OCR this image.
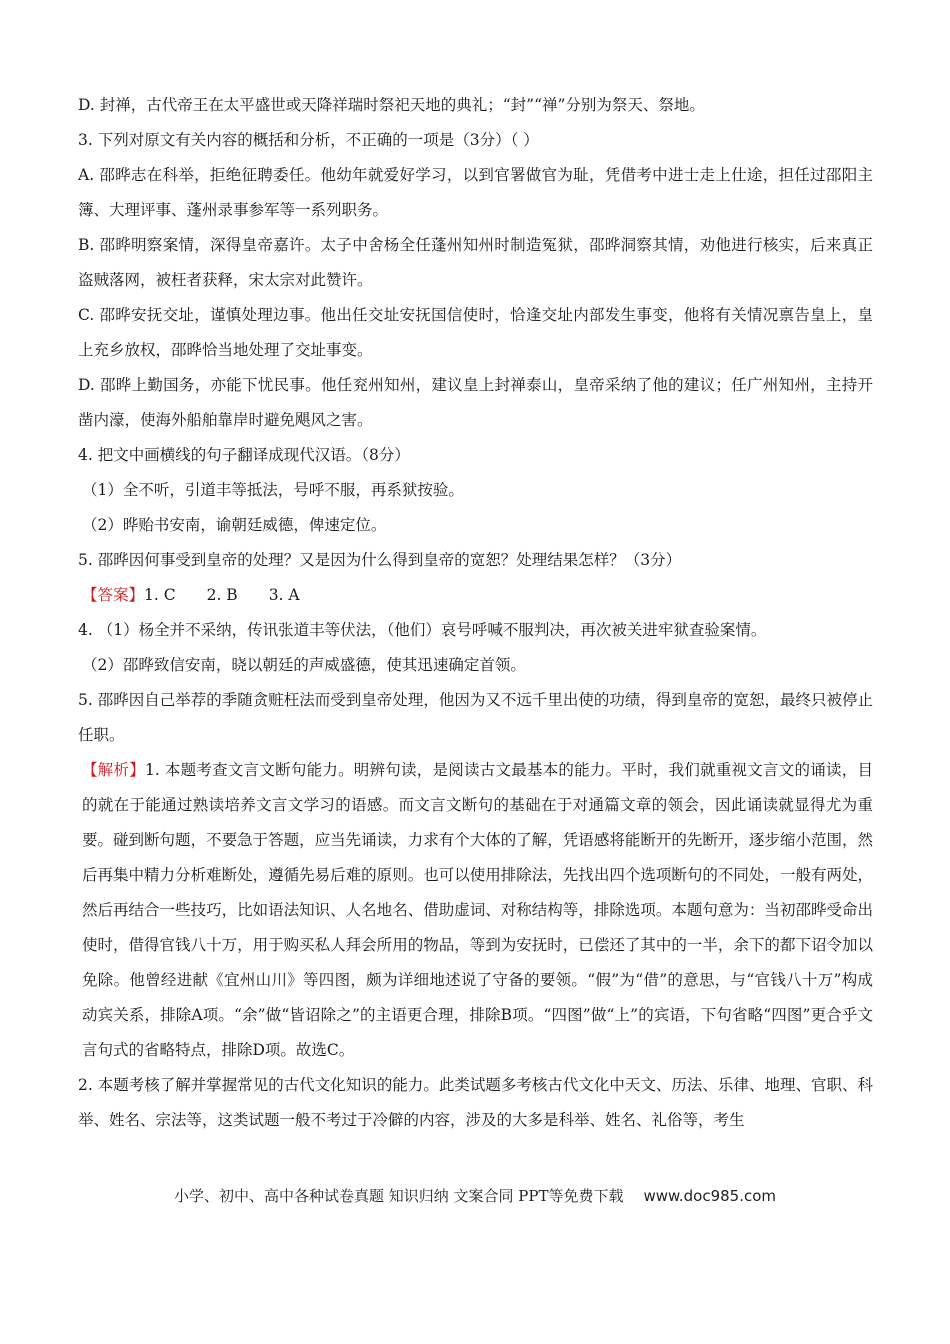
D. 封禅，古代帝王在太平盛世或天降祥瑞时祭祀天地的典礼；“封”“禅”分别为祭天、祭地。

3. 下列对原文有关内容的概括和分析，不正确的一项是（3分）（ ）

A. 邵晔志在科举，拒绝征聘委任。他幼年就爱好学习，以到官署做官为耻，凭借考中进士走上仕途，担任过邵阳主簿、大理评事、蓬州录事参军等一系列职务。

B. 邵晔明察案情，深得皇帝嘉许。太子中舍杨全任蓬州知州时制造冤狱，邵晔洞察其情，劝他进行核实，后来真正盗贼落网，被枉者获释，宋太宗对此赞许。

C. 邵晔安抚交址，谨慎处理边事。他出任交址安抚国信使时，恰逢交址内部发生事变，他将有关情况禀告皇上，皇上充乡放权，邵晔恰当地处理了交址事变。

D. 邵晔上勤国务，亦能下忧民事。他任兖州知州，建议皇上封禅泰山，皇帝采纳了他的建议；任广州知州，主持开凿内濠，使海外船舶靠岸时避免飓风之害。

4. 把文中画横线的句子翻译成现代汉语。（8分）

（1）全不听，引道丰等抵法，号呼不服，再系狱按验。

（2）晔贻书安南，谕朝廷威德，俾速定位。

5. 邵晔因何事受到皇帝的处理？又是因为什么得到皇帝的宽恕？处理结果怎样？（3分）

【答案】1. C　　2. B　　3. A

4. （1）杨全并不采纳，传讯张道丰等伏法，（他们）哀号呼喊不服判决，再次被关进牢狱查验案情。

（2）邵晔致信安南，晓以朝廷的声威盛德，使其迅速确定首领。

5. 邵晔因自己举荐的季随贪赃枉法而受到皇帝处理，他因为又不远千里出使的功绩，得到皇帝的宽恕，最终只被停止任职。

【解析】1. 本题考查文言文断句能力。明辨句读，是阅读古文最基本的能力。平时，我们就重视文言文的诵读，目的就在于能通过熟读培养文言文学习的语感。而文言文断句的基础在于对通篇文章的领会，因此诵读就显得尤为重要。碰到断句题，不要急于答题，应当先诵读，力求有个大体的了解，凭语感将能断开的先断开，逐步缩小范围，然后再集中精力分析难断处，遵循先易后难的原则。也可以使用排除法，先找出四个选项断句的不同处，一般有两处，然后再结合一些技巧，比如语法知识、人名地名、借助虚词、对称结构等，排除选项。本题句意为：当初邵晔受命出使时，借得官钱八十万，用于购买私人拜会所用的物品，等到为安抚时，已偿还了其中的一半，余下的都下诏令加以免除。他曾经进献《宜州山川》等四图，颇为详细地述说了守备的要领。“假”为“借”的意思，与“官钱八十万”构成动宾关系，排除A项。“余”做“皆诏除之”的主语更合理，排除B项。“四图”做“上”的宾语，下句省略“四图”更合乎文言句式的省略特点，排除D项。故选C。

2. 本题考核了解并掌握常见的古代文化知识的能力。此类试题多考核古代文化中天文、历法、乐律、地理、官职、科举、姓名、宗法等，这类试题一般不考过于冷僻的内容，涉及的大多是科举、姓名、礼俗等，考生

小学、初中、高中各种试卷真题 知识归纳 文案合同 PPT等免费下载 www.doc985.com
